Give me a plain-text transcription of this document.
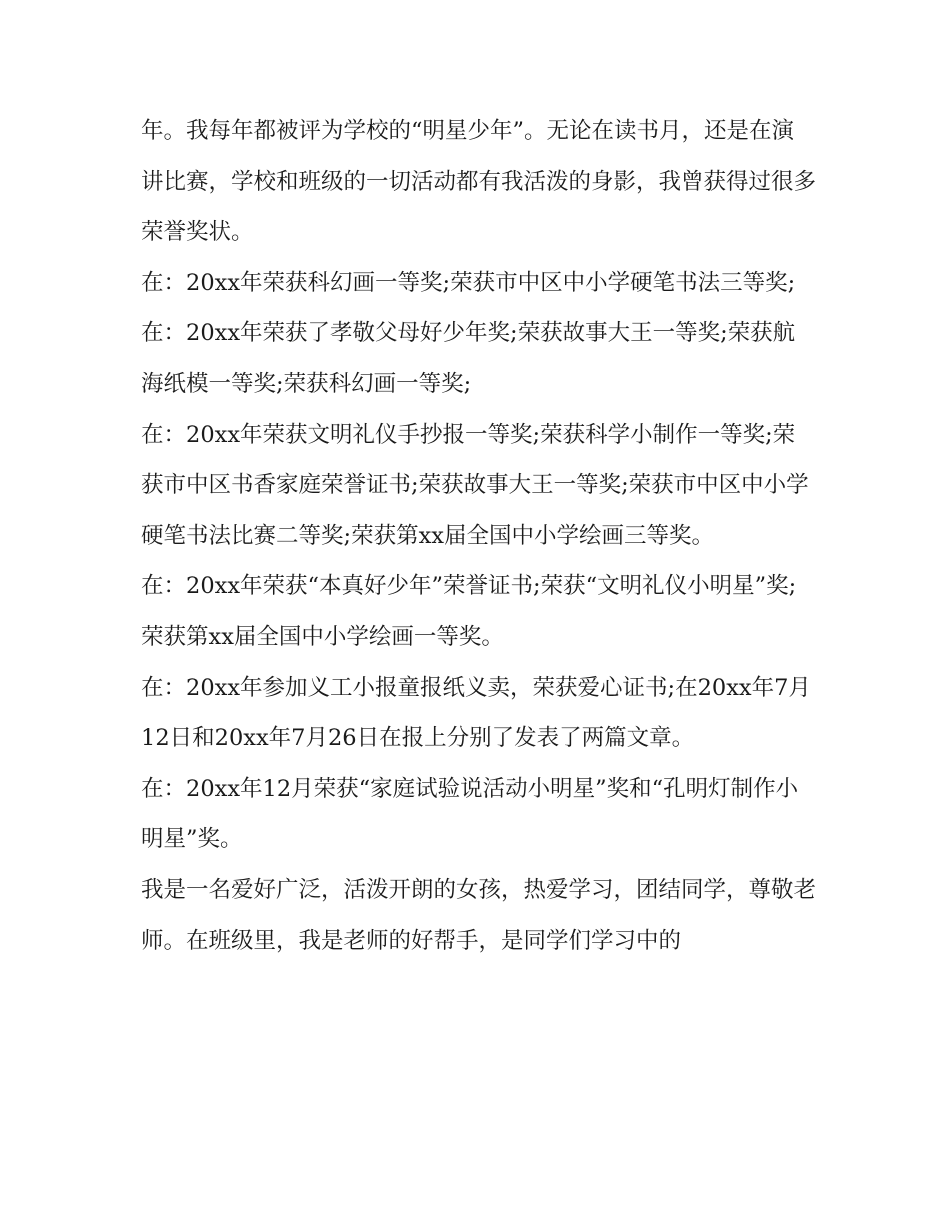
年。我每年都被评为学校的“明星少年”。无论在读书月，还是在演讲比赛，学校和班级的一切活动都有我活泼的身影，我曾获得过很多荣誉奖状。

在：20xx年荣获科幻画一等奖;荣获市中区中小学硬笔书法三等奖;

在：20xx年荣获了孝敬父母好少年奖;荣获故事大王一等奖;荣获航海纸模一等奖;荣获科幻画一等奖;

在：20xx年荣获文明礼仪手抄报一等奖;荣获科学小制作一等奖;荣获市中区书香家庭荣誉证书;荣获故事大王一等奖;荣获市中区中小学硬笔书法比赛二等奖;荣获第xx届全国中小学绘画三等奖。

在：20xx年荣获“本真好少年”荣誉证书;荣获“文明礼仪小明星”奖;荣获第xx届全国中小学绘画一等奖。

在：20xx年参加义工小报童报纸义卖，荣获爱心证书;在20xx年7月12日和20xx年7月26日在报上分别了发表了两篇文章。

在：20xx年12月荣获“家庭试验说活动小明星”奖和“孔明灯制作小明星”奖。

我是一名爱好广泛，活泼开朗的女孩，热爱学习，团结同学，尊敬老师。在班级里，我是老师的好帮手，是同学们学习中的
